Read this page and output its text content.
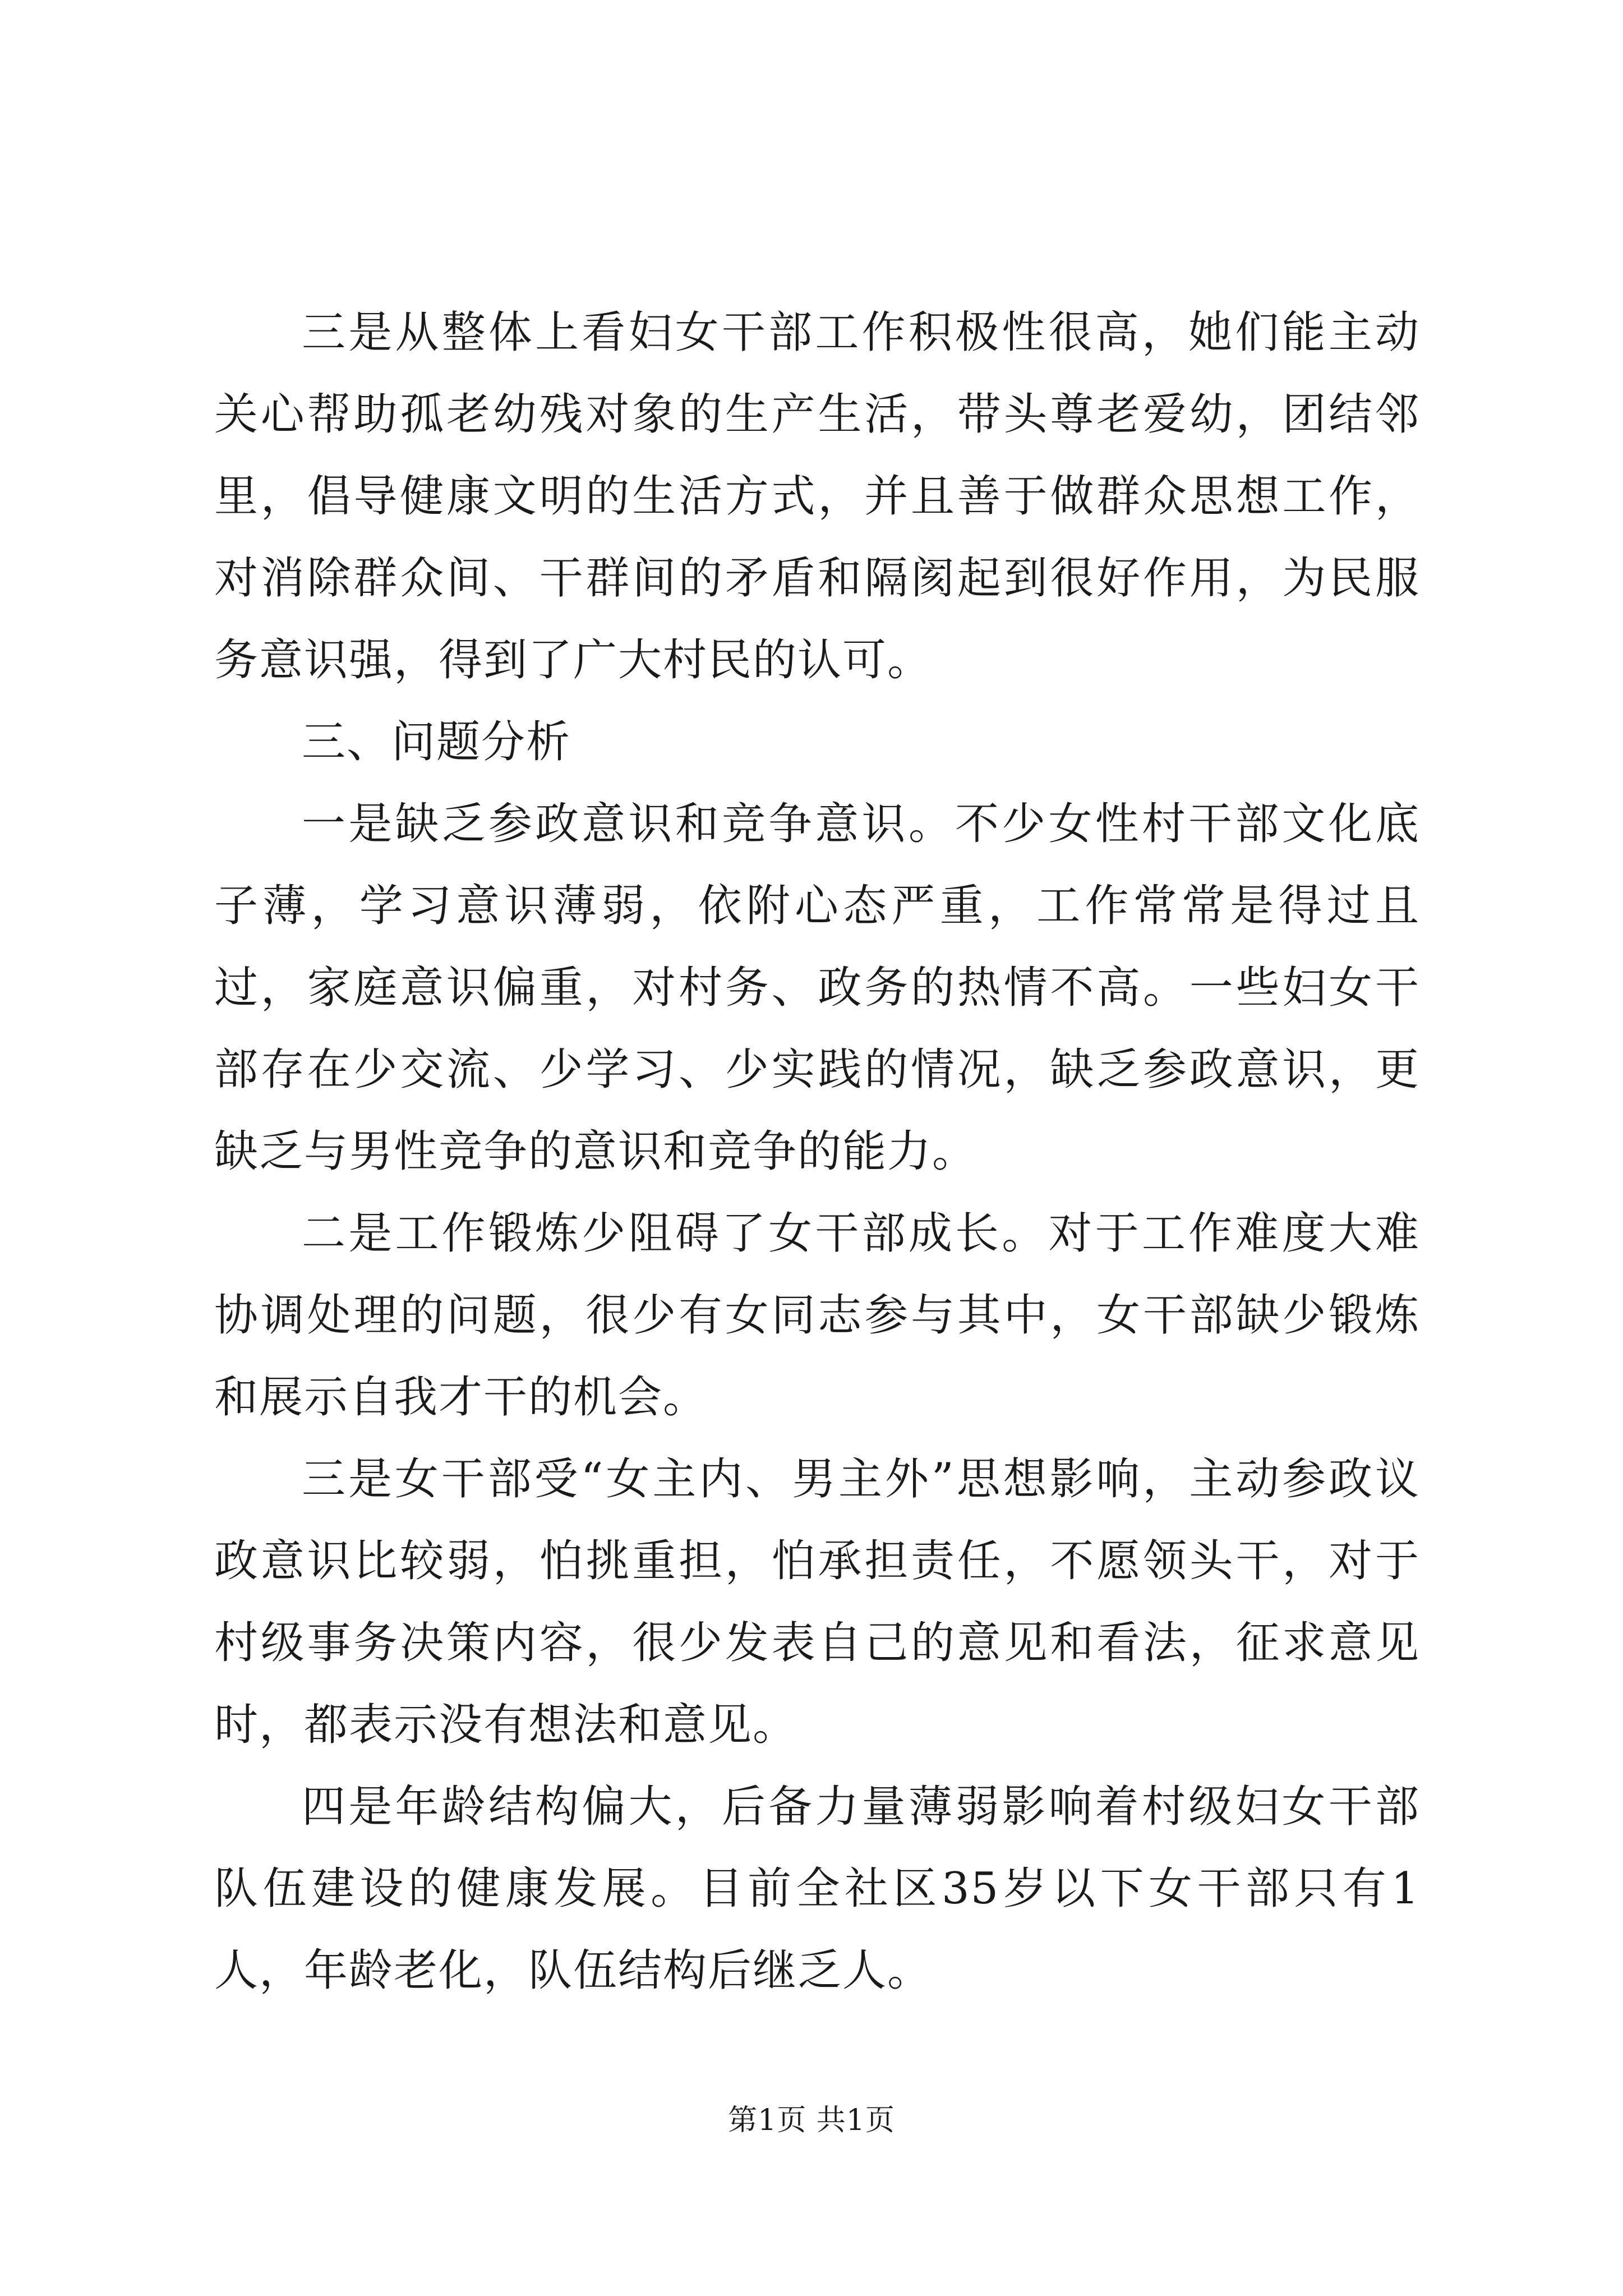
三是从整体上看妇女干部工作积极性很高，她们能主动关心帮助孤老幼残对象的生产生活，带头尊老爱幼，团结邻里，倡导健康文明的生活方式，并且善于做群众思想工作，对消除群众间、干群间的矛盾和隔阂起到很好作用，为民服务意识强，得到了广大村民的认可。

三、问题分析

一是缺乏参政意识和竞争意识。不少女性村干部文化底子薄，学习意识薄弱，依附心态严重，工作常常是得过且过，家庭意识偏重，对村务、政务的热情不高。一些妇女干部存在少交流、少学习、少实践的情况，缺乏参政意识，更缺乏与男性竞争的意识和竞争的能力。

二是工作锻炼少阻碍了女干部成长。对于工作难度大难协调处理的问题，很少有女同志参与其中，女干部缺少锻炼和展示自我才干的机会。

三是女干部受“女主内、男主外”思想影响，主动参政议政意识比较弱，怕挑重担，怕承担责任，不愿领头干，对于村级事务决策内容，很少发表自己的意见和看法，征求意见时，都表示没有想法和意见。

四是年龄结构偏大，后备力量薄弱影响着村级妇女干部队伍建设的健康发展。目前全社区35岁以下女干部只有1人，年龄老化，队伍结构后继乏人。

第1页 共1页
